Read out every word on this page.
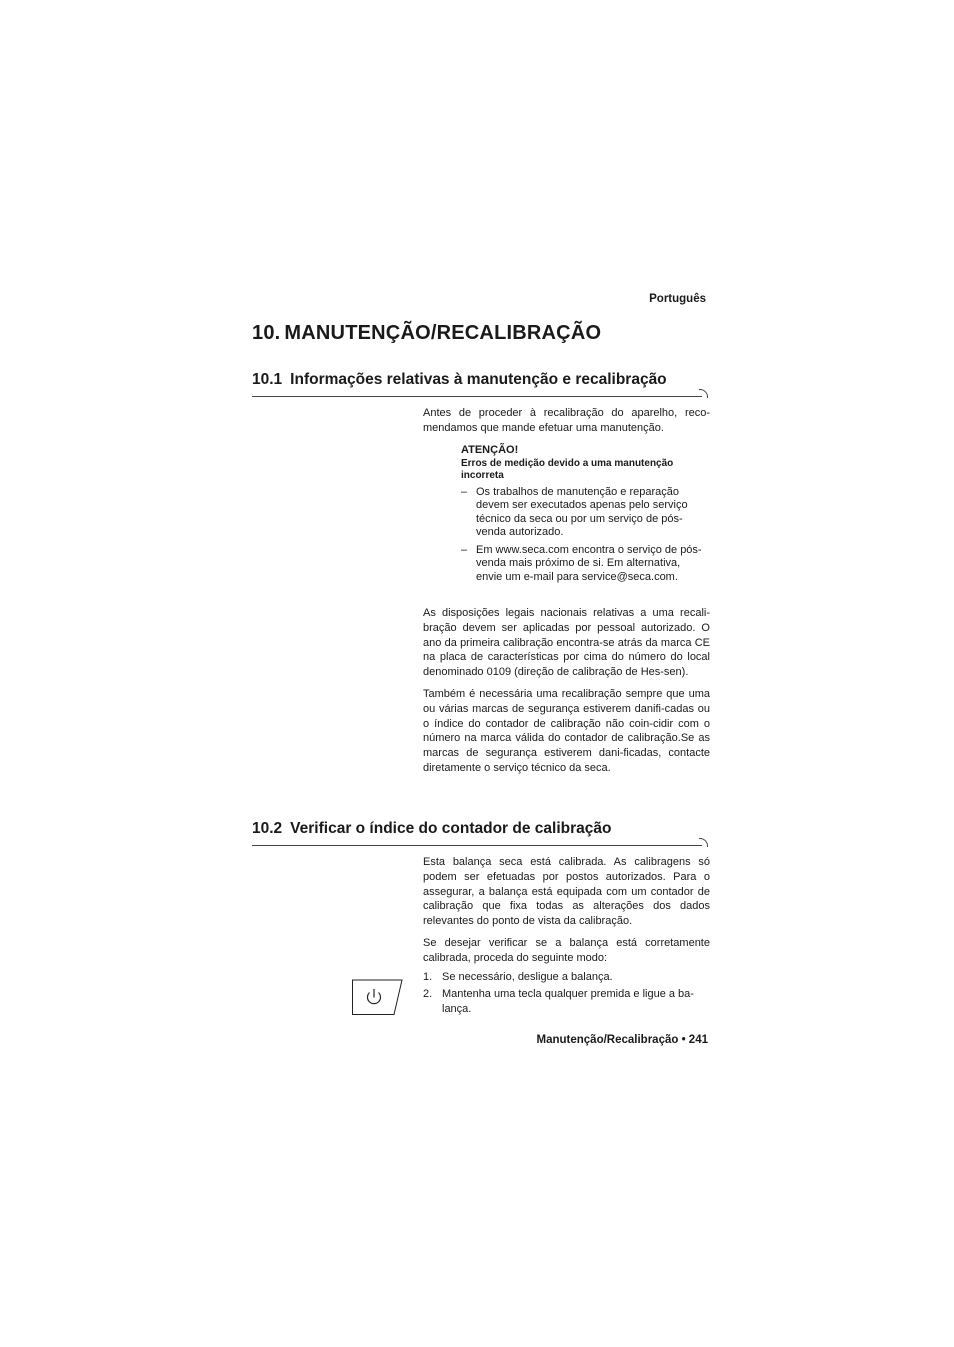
Português
10. MANUTENÇÃO/RECALIBRAÇÃO
10.1 Informações relativas à manutenção e recalibração

Antes de proceder à recalibração do aparelho, reco-mendamos que mande efetuar uma manutenção.

ATENÇÃO!
Erros de medição devido a uma manutenção incorreta
– Os trabalhos de manutenção e reparação devem ser executados apenas pelo serviço técnico da seca ou por um serviço de pós-venda autorizado.
– Em www.seca.com encontra o serviço de pós-venda mais próximo de si. Em alternativa, envie um e-mail para service@seca.com.

As disposições legais nacionais relativas a uma recali-bração devem ser aplicadas por pessoal autorizado. O ano da primeira calibração encontra-se atrás da marca CE na placa de características por cima do número do local denominado 0109 (direção de calibração de Hes-sen).

Também é necessária uma recalibração sempre que uma ou várias marcas de segurança estiverem danifi-cadas ou o índice do contador de calibração não coin-cidir com o número na marca válida do contador de calibração.Se as marcas de segurança estiverem dani-ficadas, contacte diretamente o serviço técnico da seca.

10.2 Verificar o índice do contador de calibração

Esta balança seca está calibrada. As calibragens só podem ser efetuadas por postos autorizados. Para o assegurar, a balança está equipada com um contador de calibração que fixa todas as alterações dos dados relevantes do ponto de vista da calibração.

Se desejar verificar se a balança está corretamente calibrada, proceda do seguinte modo:

1. Se necessário, desligue a balança.
2. Mantenha uma tecla qualquer premida e ligue a ba-lança.
Manutenção/Recalibração • 241
